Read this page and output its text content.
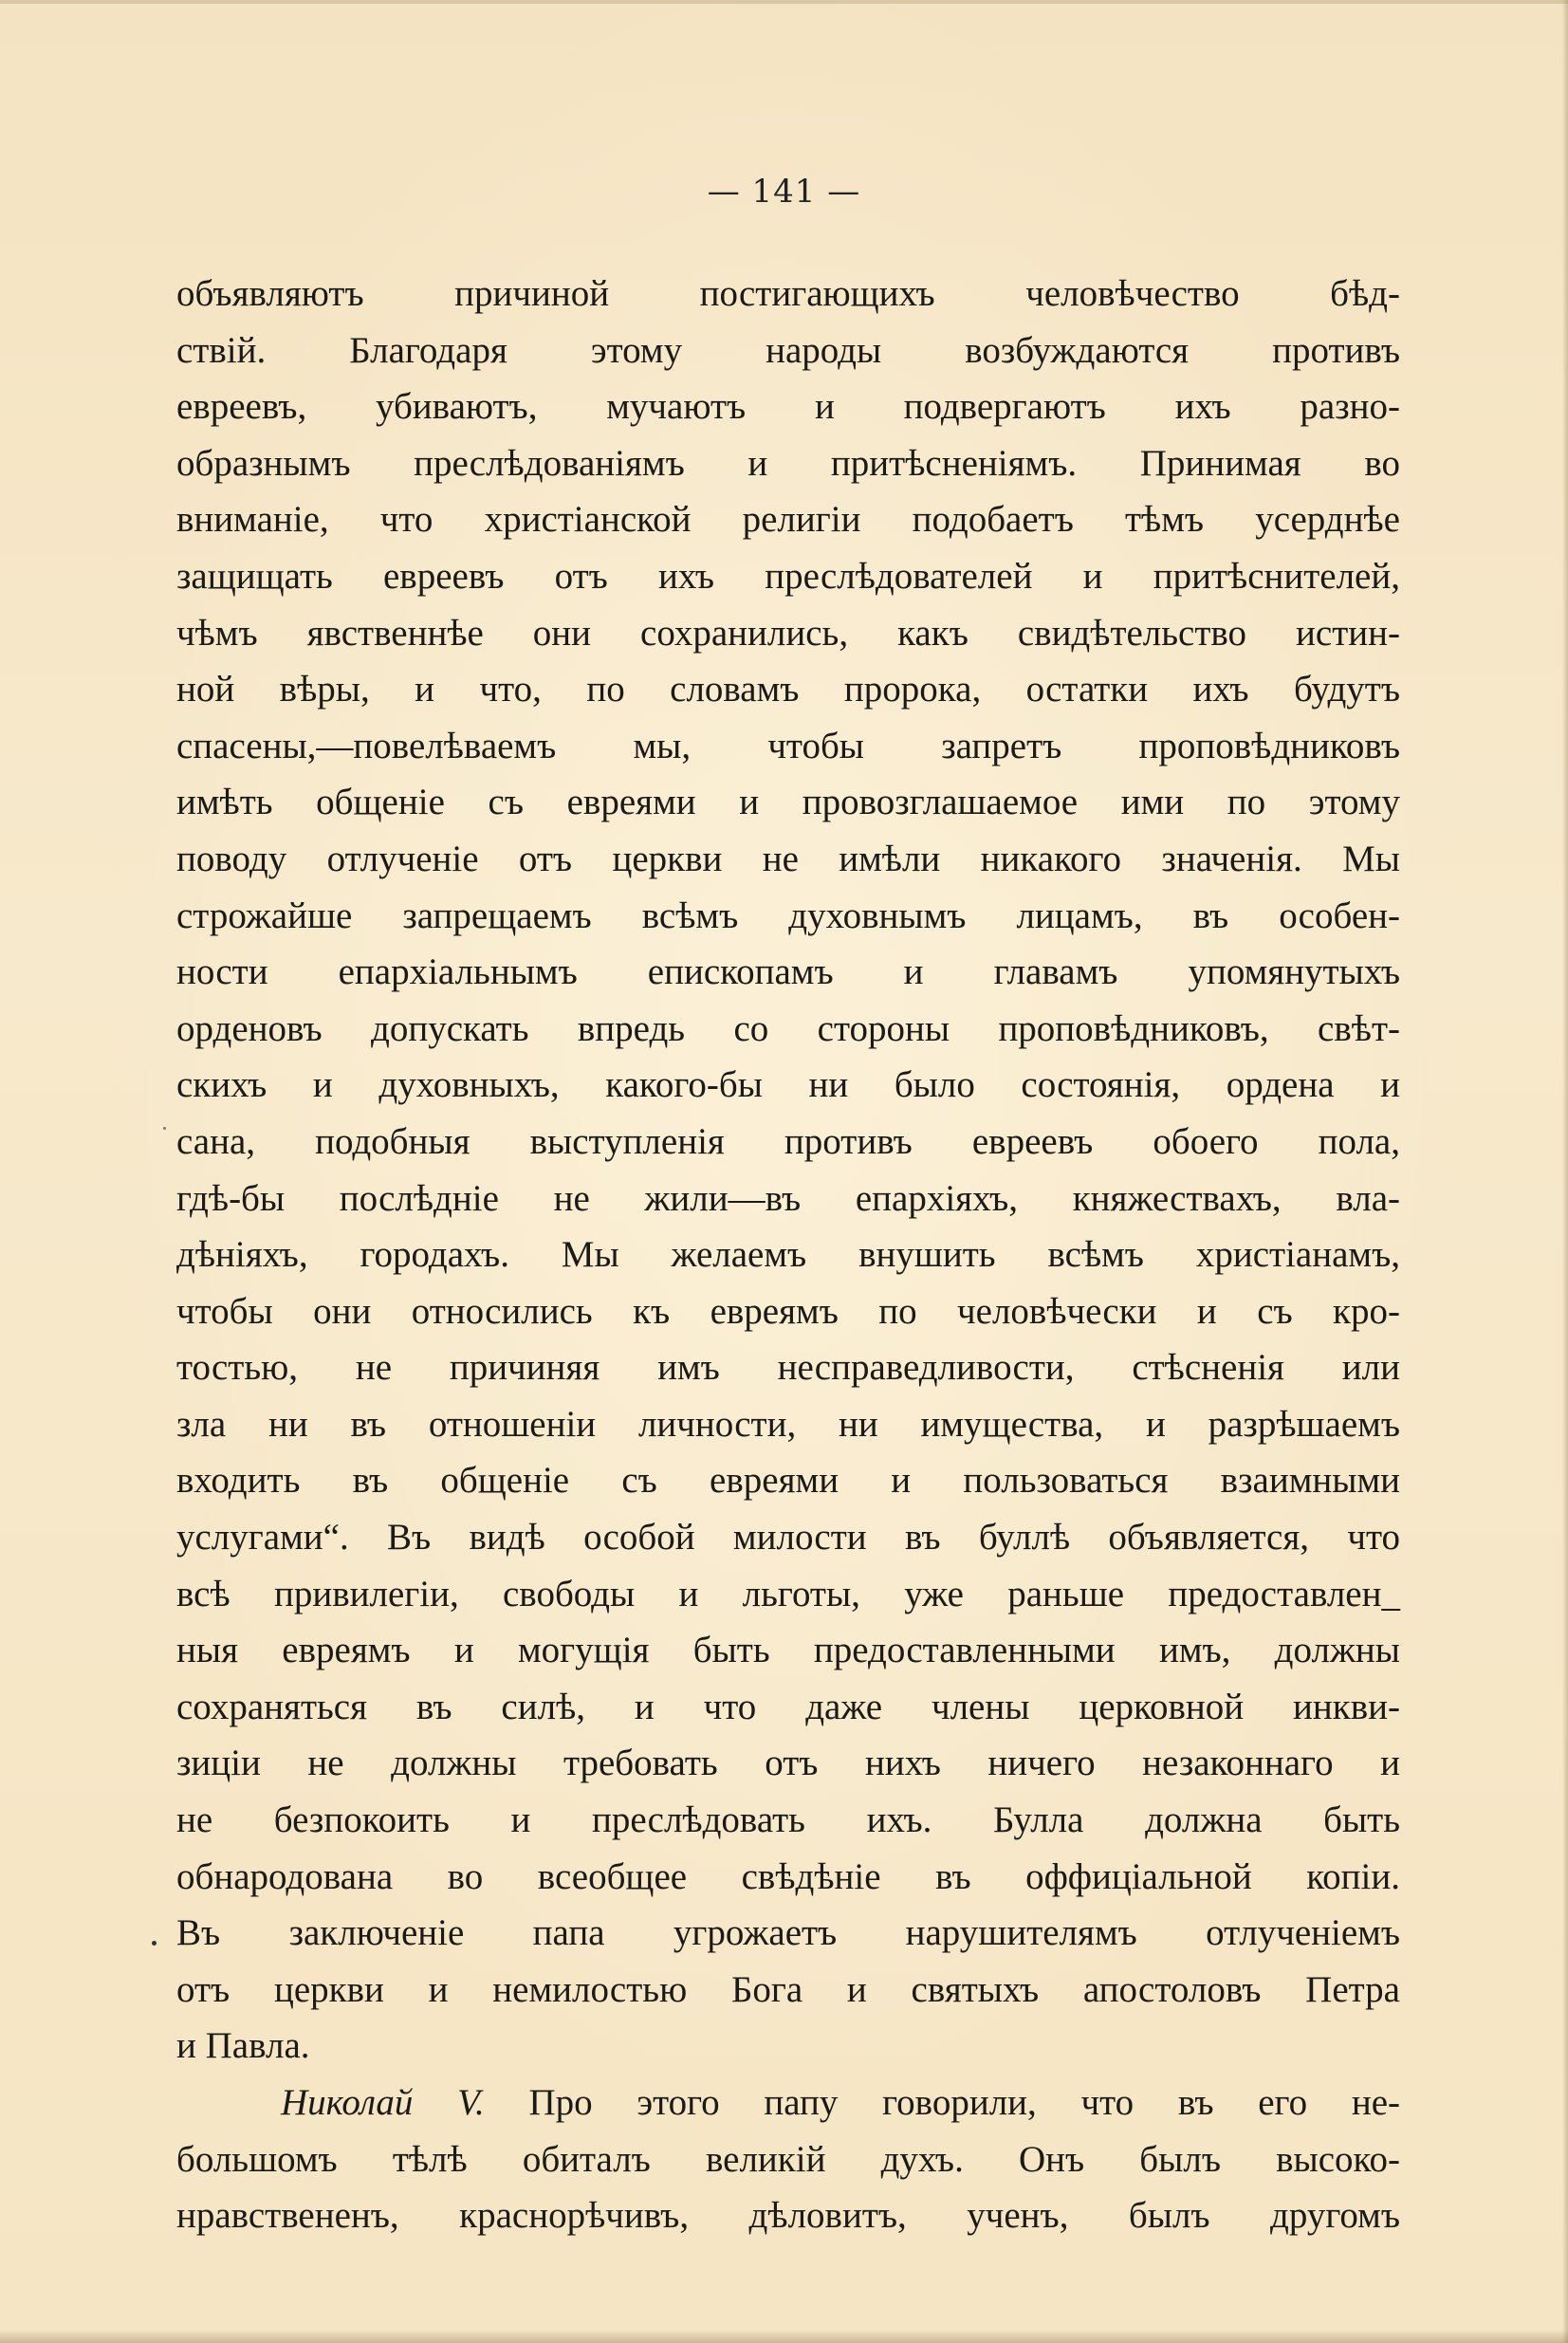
— 141 —
объявляютъ причиной постигающихъ человѣчество бѣд-
ствій. Благодаря этому народы возбуждаются противъ
евреевъ, убиваютъ, мучаютъ и подвергаютъ ихъ разно-
образнымъ преслѣдованіямъ и притѣсненіямъ. Принимая во
вниманіе, что христіанской религіи подобаетъ тѣмъ усерднѣе
защищать евреевъ отъ ихъ преслѣдователей и притѣснителей,
чѣмъ явственнѣе они сохранились, какъ свидѣтельство истин-
ной вѣры, и что, по словамъ пророка, остатки ихъ будутъ
спасены,—повелѣваемъ мы, чтобы запретъ проповѣдниковъ
имѣть общеніе съ евреями и провозглашаемое ими по этому
поводу отлученіе отъ церкви не имѣли никакого значенія. Мы
строжайше запрещаемъ всѣмъ духовнымъ лицамъ, въ особен-
ности епархіальнымъ епископамъ и главамъ упомянутыхъ
орденовъ допускать впредь со стороны проповѣдниковъ, свѣт-
скихъ и духовныхъ, какого-бы ни было состоянія, ордена и
сана, подобныя выступленія противъ евреевъ обоего пола,
гдѣ-бы послѣдніе не жили—въ епархіяхъ, княжествахъ, вла-
дѣніяхъ, городахъ. Мы желаемъ внушить всѣмъ христіанамъ,
чтобы они относились къ евреямъ по человѣчески и съ кро-
тостью, не причиняя имъ несправедливости, стѣсненія или
зла ни въ отношеніи личности, ни имущества, и разрѣшаемъ
входить въ общеніе съ евреями и пользоваться взаимными
услугами“. Въ видѣ особой милости въ буллѣ объявляется, что
всѣ привилегіи, свободы и льготы, уже раньше предоставлен_
ныя евреямъ и могущія быть предоставленными имъ, должны
сохраняться въ силѣ, и что даже члены церковной инкви-
зиціи не должны требовать отъ нихъ ничего незаконнаго и
не безпокоить и преслѣдовать ихъ. Булла должна быть
обнародована во всеобщее свѣдѣніе въ оффиціальной копіи.
Въ заключеніе папа угрожаетъ нарушителямъ отлученіемъ
отъ церкви и немилостью Бога и святыхъ апостоловъ Петра
и Павла.
Николай V. Про этого папу говорили, что въ его не-
большомъ тѣлѣ обиталъ великій духъ. Онъ былъ высоко-
нравствененъ, краснорѣчивъ, дѣловитъ, ученъ, былъ другомъ
